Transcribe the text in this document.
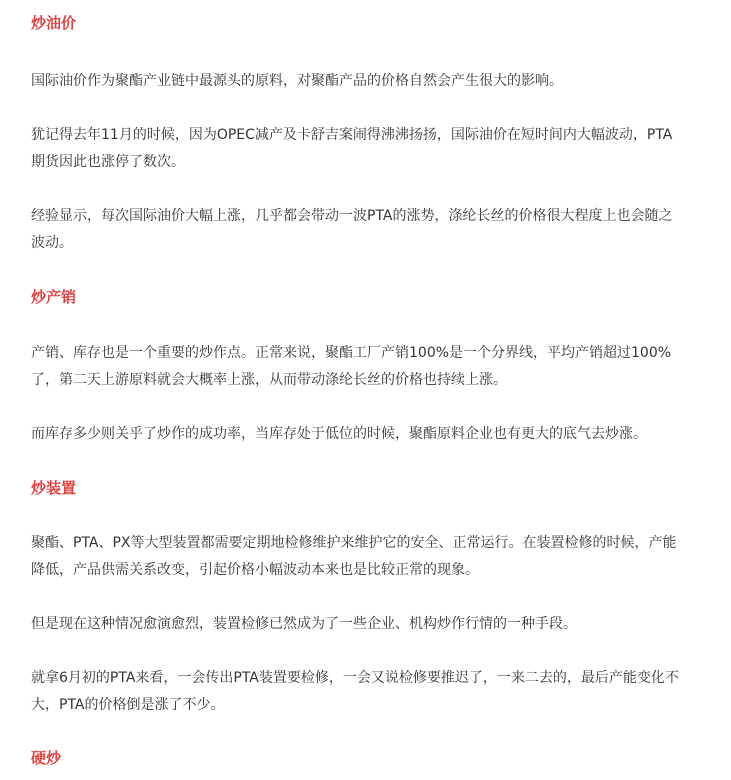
炒油价
国际油价作为聚酯产业链中最源头的原料，对聚酯产品的价格自然会产生很大的影响。
犹记得去年11月的时候，因为OPEC减产及卡舒吉案闹得沸沸扬扬，国际油价在短时间内大幅波动，PTA
期货因此也涨停了数次。
经验显示，每次国际油价大幅上涨，几乎都会带动一波PTA的涨势，涤纶长丝的价格很大程度上也会随之
波动。
炒产销
产销、库存也是一个重要的炒作点。正常来说，聚酯工厂产销100%是一个分界线，平均产销超过100%
了，第二天上游原料就会大概率上涨，从而带动涤纶长丝的价格也持续上涨。
而库存多少则关乎了炒作的成功率，当库存处于低位的时候，聚酯原料企业也有更大的底气去炒涨。
炒装置
聚酯、PTA、PX等大型装置都需要定期地检修维护来维护它的安全、正常运行。在装置检修的时候，产能
降低，产品供需关系改变，引起价格小幅波动本来也是比较正常的现象。
但是现在这种情况愈演愈烈，装置检修已然成为了一些企业、机构炒作行情的一种手段。
就拿6月初的PTA来看，一会传出PTA装置要检修，一会又说检修要推迟了，一来二去的，最后产能变化不
大，PTA的价格倒是涨了不少。
硬炒
